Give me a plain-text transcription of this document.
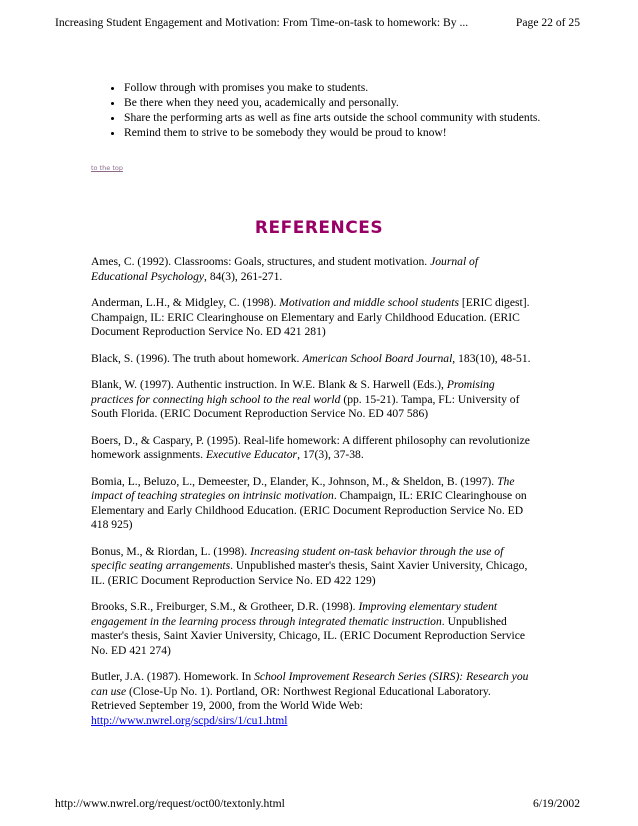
Increasing Student Engagement and Motivation: From Time-on-task to homework: By ...	Page 22 of 25
• Follow through with promises you make to students.
• Be there when they need you, academically and personally.
• Share the performing arts as well as fine arts outside the school community with students.
• Remind them to strive to be somebody they would be proud to know!
to the top
REFERENCES

Ames, C. (1992). Classrooms: Goals, structures, and student motivation. Journal of Educational Psychology, 84(3), 261-271.

Anderman, L.H., & Midgley, C. (1998). Motivation and middle school students [ERIC digest]. Champaign, IL: ERIC Clearinghouse on Elementary and Early Childhood Education. (ERIC Document Reproduction Service No. ED 421 281)

Black, S. (1996). The truth about homework. American School Board Journal, 183(10), 48-51.

Blank, W. (1997). Authentic instruction. In W.E. Blank & S. Harwell (Eds.), Promising practices for connecting high school to the real world (pp. 15-21). Tampa, FL: University of South Florida. (ERIC Document Reproduction Service No. ED 407 586)

Boers, D., & Caspary, P. (1995). Real-life homework: A different philosophy can revolutionize homework assignments. Executive Educator, 17(3), 37-38.

Bomia, L., Beluzo, L., Demeester, D., Elander, K., Johnson, M., & Sheldon, B. (1997). The impact of teaching strategies on intrinsic motivation. Champaign, IL: ERIC Clearinghouse on Elementary and Early Childhood Education. (ERIC Document Reproduction Service No. ED 418 925)

Bonus, M., & Riordan, L. (1998). Increasing student on-task behavior through the use of specific seating arrangements. Unpublished master's thesis, Saint Xavier University, Chicago, IL. (ERIC Document Reproduction Service No. ED 422 129)

Brooks, S.R., Freiburger, S.M., & Grotheer, D.R. (1998). Improving elementary student engagement in the learning process through integrated thematic instruction. Unpublished master's thesis, Saint Xavier University, Chicago, IL. (ERIC Document Reproduction Service No. ED 421 274)

Butler, J.A. (1987). Homework. In School Improvement Research Series (SIRS): Research you can use (Close-Up No. 1). Portland, OR: Northwest Regional Educational Laboratory. Retrieved September 19, 2000, from the World Wide Web: http://www.nwrel.org/scpd/sirs/1/cu1.html

http://www.nwrel.org/request/oct00/textonly.html	6/19/2002
